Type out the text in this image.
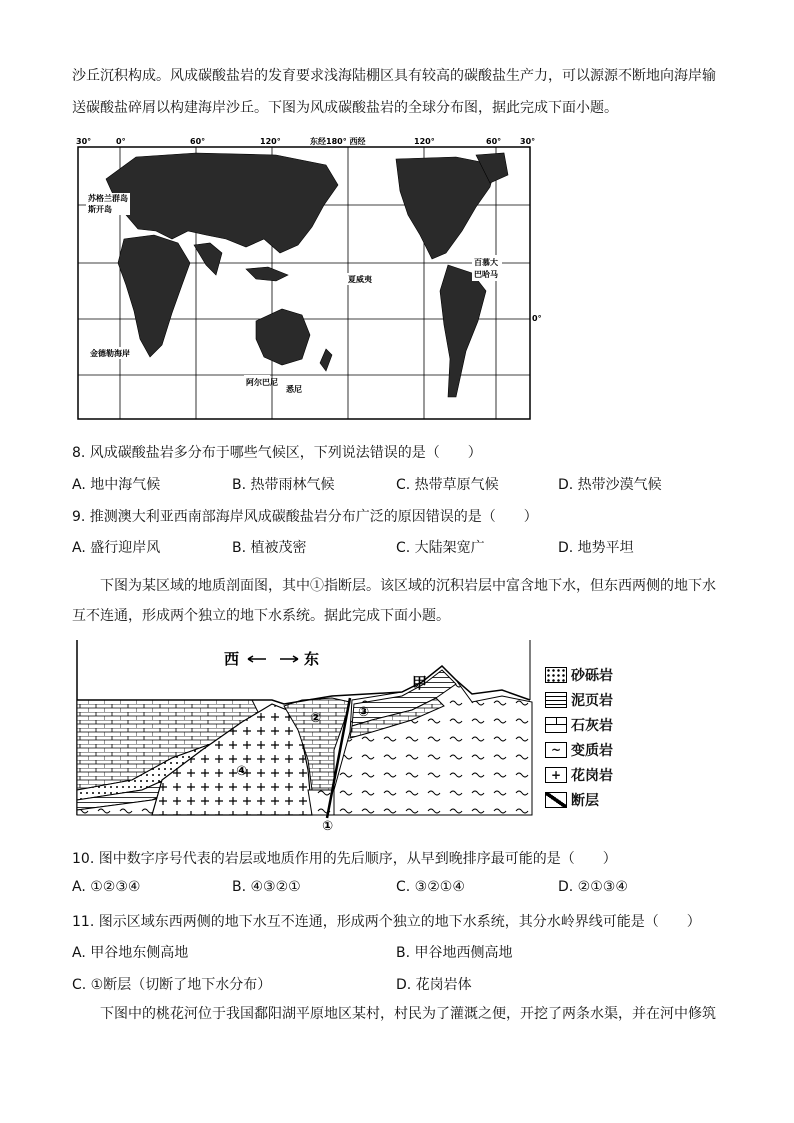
沙丘沉积构成。风成碳酸盐岩的发育要求浅海陆棚区具有较高的碳酸盐生产力，可以源源不断地向海岸输
送碳酸盐碎屑以构建海岸沙丘。下图为风成碳酸盐岩的全球分布图，据此完成下面小题。
30°	0°	60°	120°	东经180° 西经	120°	60° 30°
0°
苏格兰群岛
斯开岛
夏威夷
百慕大
巴哈马
金德勒海岸
阿尔巴尼
悉尼
8. 风成碳酸盐岩多分布于哪些气候区，下列说法错误的是（　　）
A. 地中海气候	B. 热带雨林气候	C. 热带草原气候	D. 热带沙漠气候
9. 推测澳大利亚西南部海岸风成碳酸盐岩分布广泛的原因错误的是（　　）
A. 盛行迎岸风	B. 植被茂密	C. 大陆架宽广	D. 地势平坦
下图为某区域的地质剖面图，其中①指断层。该区域的沉积岩层中富含地下水，但东西两侧的地下水
互不连通，形成两个独立的地下水系统。据此完成下面小题。
西	东
甲
①
②	③
④
砂砾岩
泥页岩
石灰岩
~ 变质岩
+ 花岗岩
断层
10. 图中数字序号代表的岩层或地质作用的先后顺序，从早到晚排序最可能的是（　　）
A. ①②③④	B. ④③②①	C. ③②①④	D. ②①③④
11. 图示区域东西两侧的地下水互不连通，形成两个独立的地下水系统，其分水岭界线可能是（　　）
A. 甲谷地东侧高地	B. 甲谷地西侧高地
C. ①断层（切断了地下水分布）	D. 花岗岩体
下图中的桃花河位于我国鄱阳湖平原地区某村，村民为了灌溉之便，开挖了两条水渠，并在河中修筑
